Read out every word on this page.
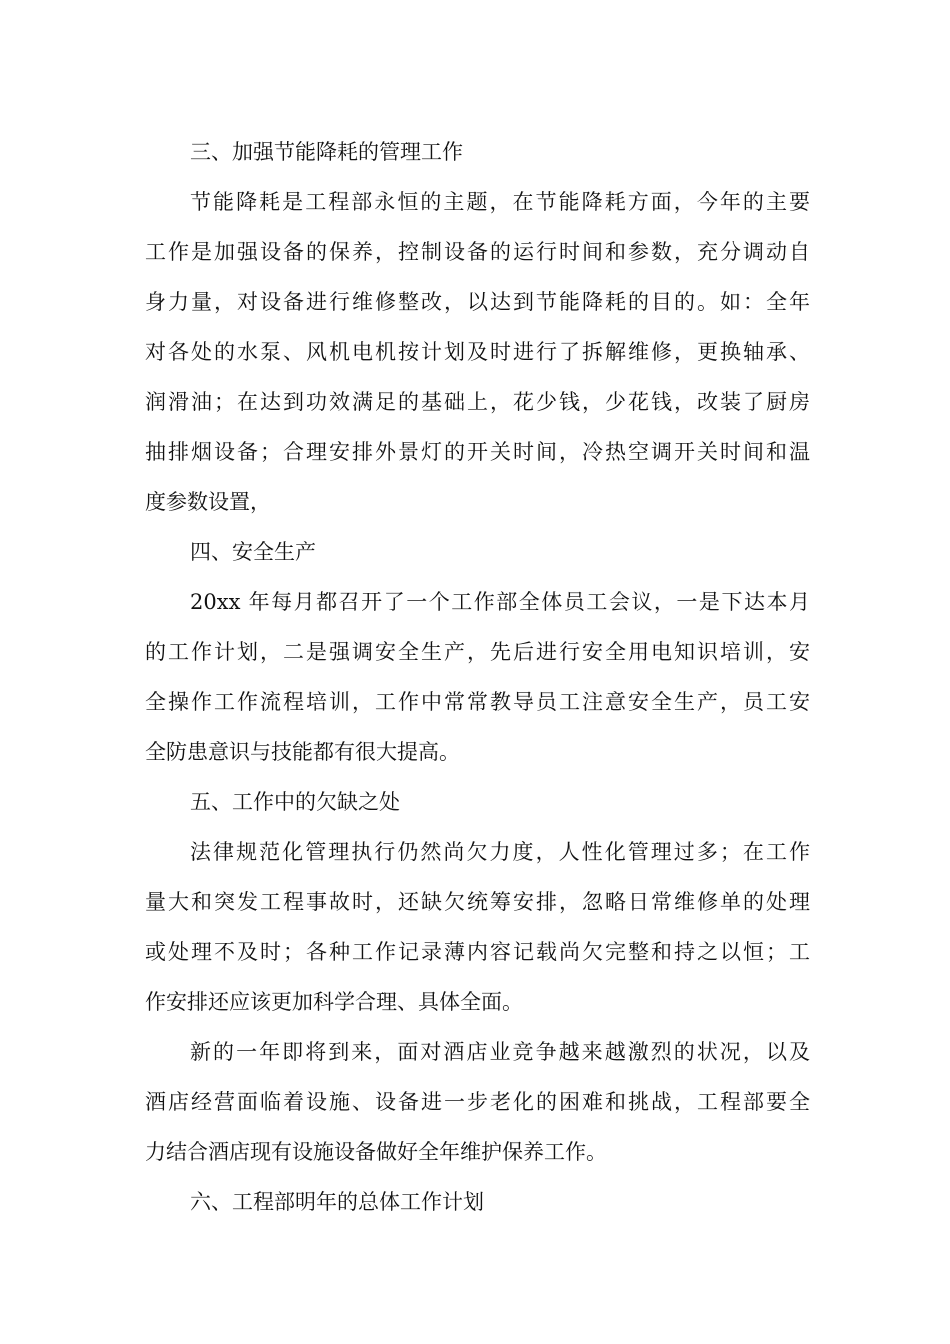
三、加强节能降耗的管理工作
节能降耗是工程部永恒的主题，在节能降耗方面，今年的主要
工作是加强设备的保养，控制设备的运行时间和参数，充分调动自
身力量，对设备进行维修整改，以达到节能降耗的目的。如：全年
对各处的水泵、风机电机按计划及时进行了拆解维修，更换轴承、
润滑油；在达到功效满足的基础上，花少钱，少花钱，改装了厨房
抽排烟设备；合理安排外景灯的开关时间，冷热空调开关时间和温
度参数设置，
四、安全生产
20xx 年每月都召开了一个工作部全体员工会议，一是下达本月
的工作计划，二是强调安全生产，先后进行安全用电知识培训，安
全操作工作流程培训，工作中常常教导员工注意安全生产，员工安
全防患意识与技能都有很大提高。
五、工作中的欠缺之处
法律规范化管理执行仍然尚欠力度，人性化管理过多；在工作
量大和突发工程事故时，还缺欠统筹安排，忽略日常维修单的处理
或处理不及时；各种工作记录薄内容记载尚欠完整和持之以恒；工
作安排还应该更加科学合理、具体全面。
新的一年即将到来，面对酒店业竞争越来越激烈的状况，以及
酒店经营面临着设施、设备进一步老化的困难和挑战，工程部要全
力结合酒店现有设施设备做好全年维护保养工作。
六、工程部明年的总体工作计划
